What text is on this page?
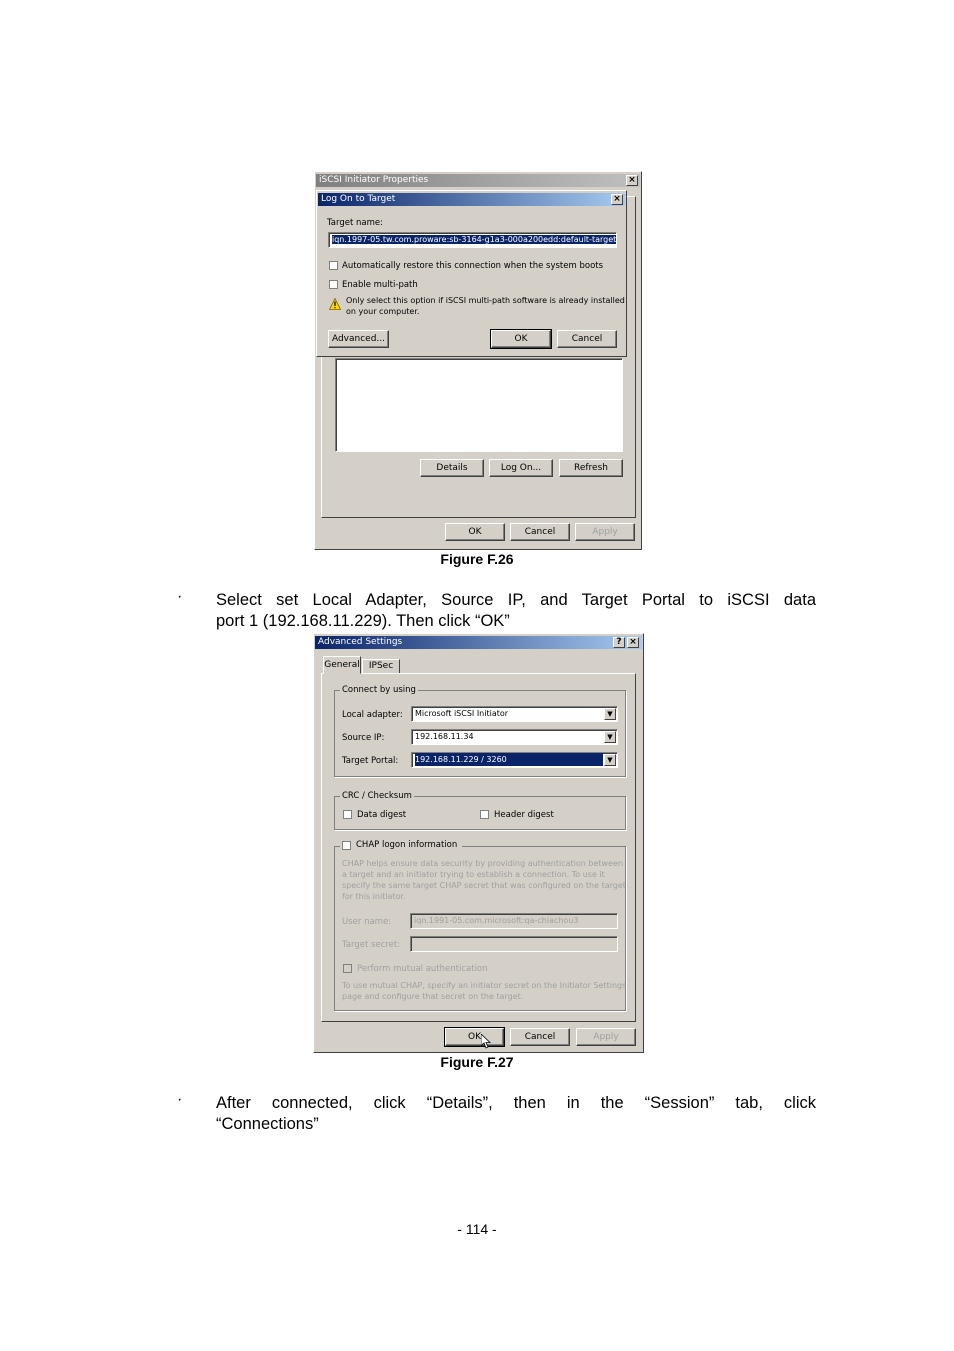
iSCSI Initiator Properties	×
Details	Log On...	Refresh
OK	Cancel	Apply
Log On to Target	×
Target name:
iqn.1997-05.tw.com.proware:sb-3164-g1a3-000a200edd:default-target
Automatically restore this connection when the system boots
Enable multi-path
Only select this option if iSCSI multi-path software is already installed
on your computer.
Advanced...	OK	Cancel
Figure F.26
· Select set Local Adapter, Source IP, and Target Portal to iSCSI data
port 1 (192.168.11.229). Then click “OK”
Advanced Settings	? ×
General	IPSec
Connect by using
Local adapter:	Microsoft iSCSI Initiator	▼
Source IP:	192.168.11.34	▼
Target Portal:	192.168.11.229 / 3260	▼
CRC / Checksum
Data digest	Header digest
CHAP logon information
CHAP helps ensure data security by providing authentication between
a target and an initiator trying to establish a connection. To use it
specify the same target CHAP secret that was configured on the target
for this initiator.
User name:	iqn.1991-05.com.microsoft:qa-chiachou3
Target secret:
Perform mutual authentication
To use mutual CHAP, specify an initiator secret on the Initiator Settings
page and configure that secret on the target.
OK	Cancel	Apply
Figure F.27
· After connected, click “Details”, then in the “Session” tab, click
“Connections”
- 114 -
